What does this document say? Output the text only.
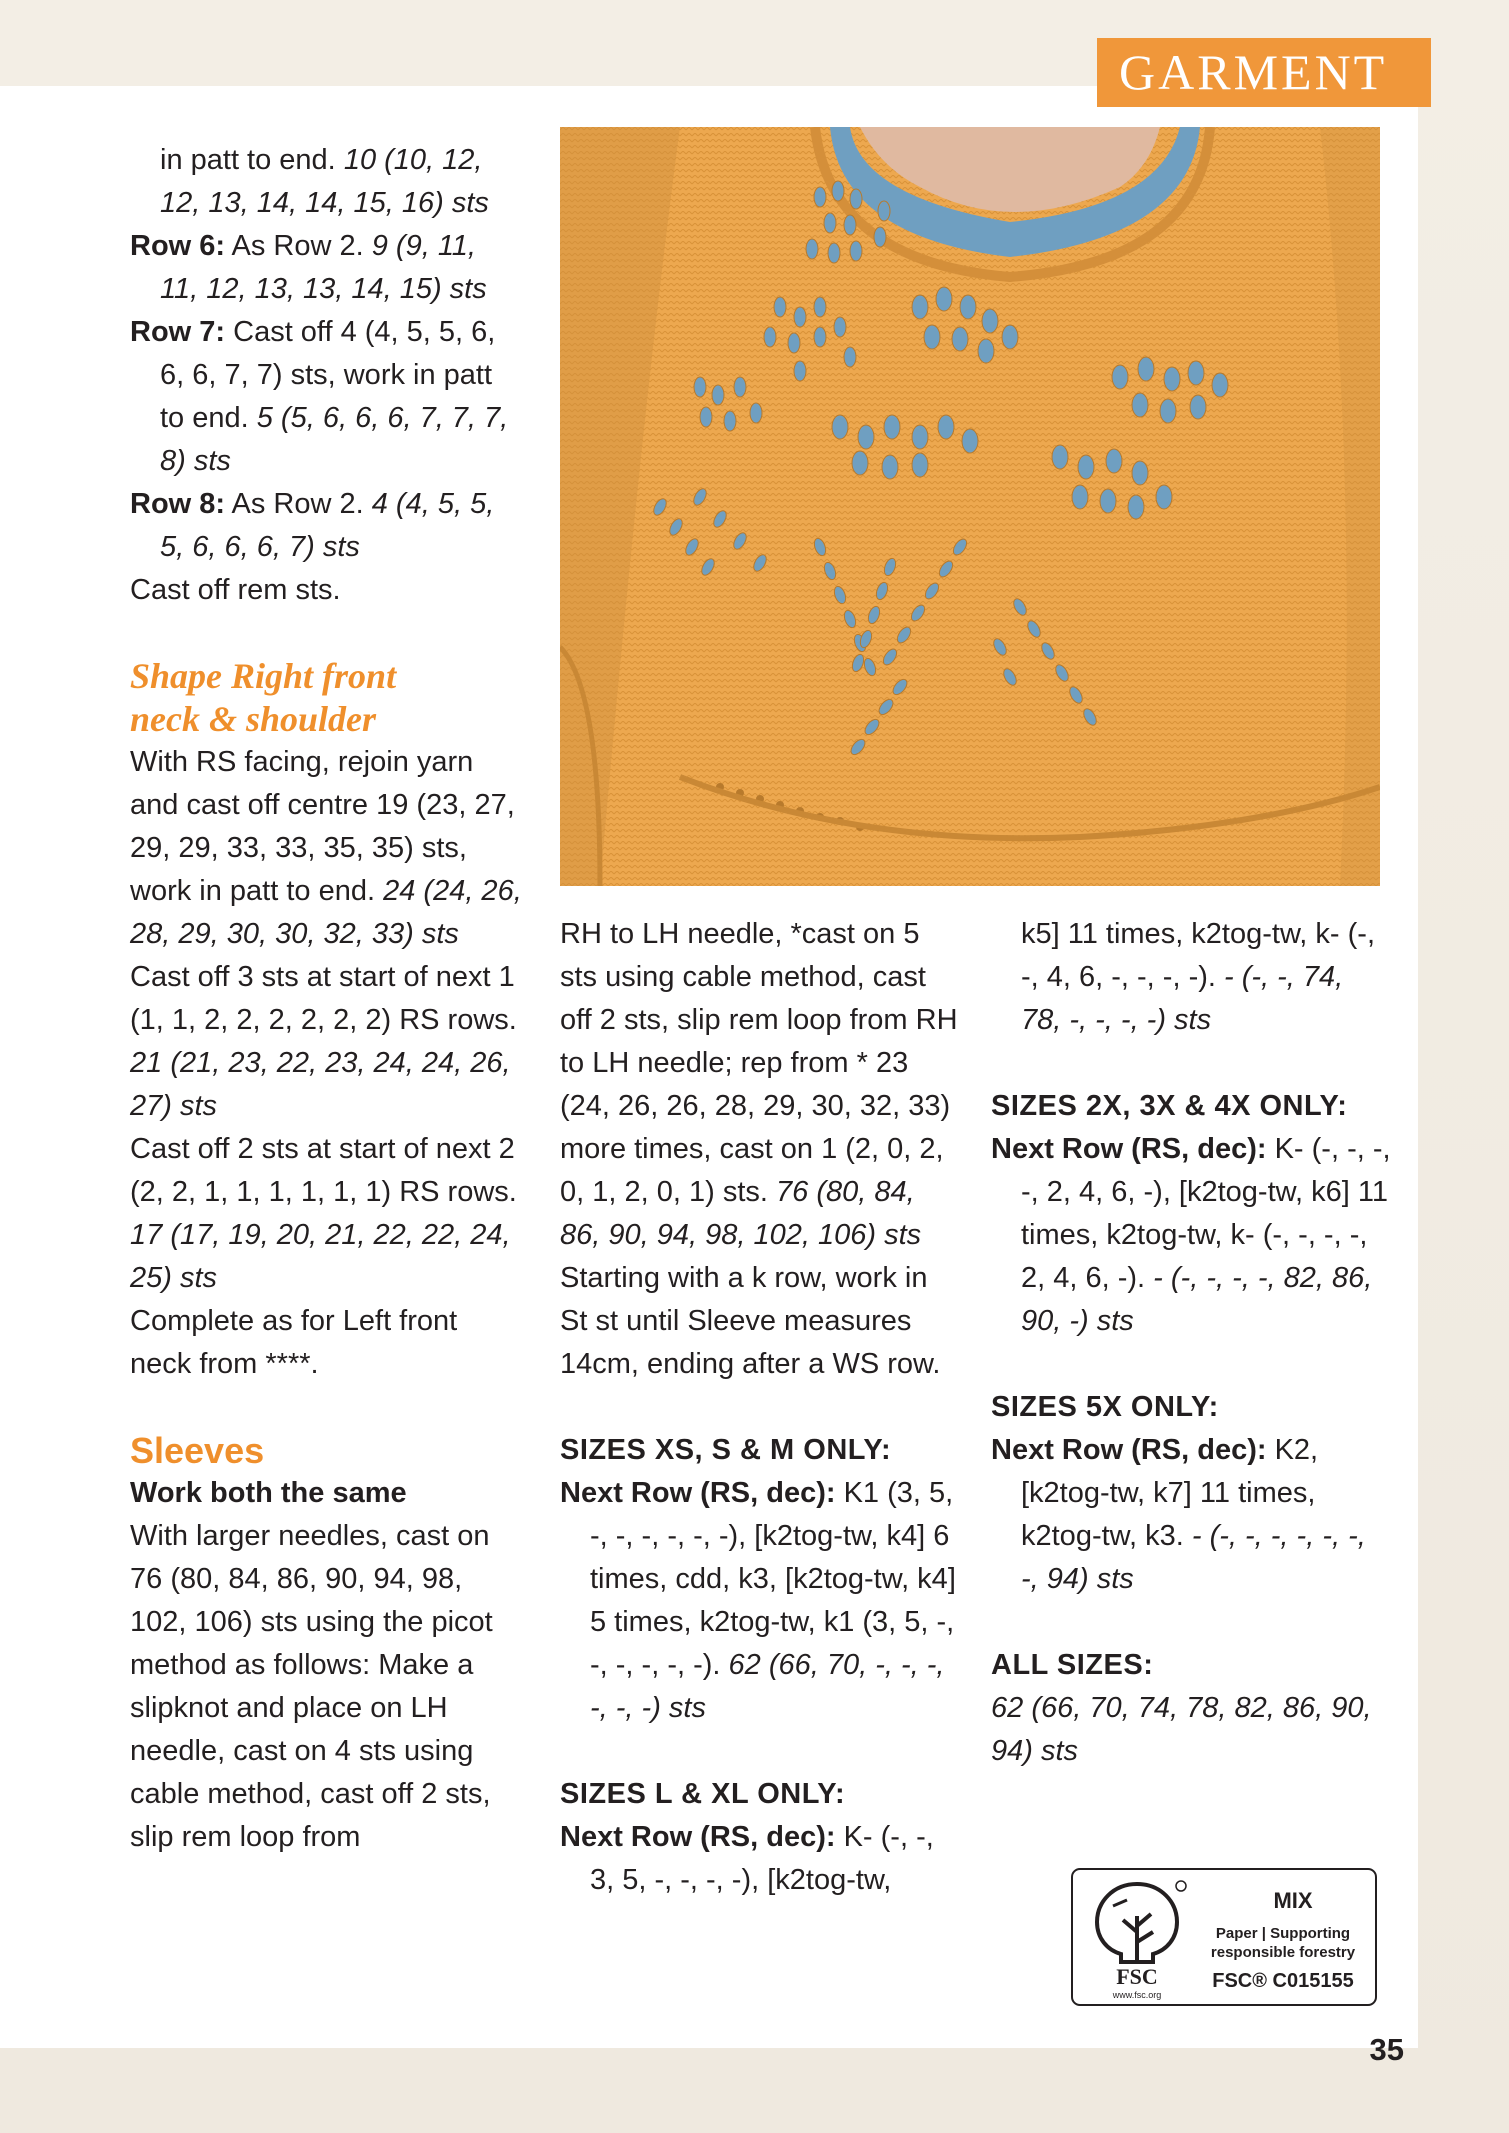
GARMENT

in patt to end. 10 (10, 12, 12, 13, 14, 14, 15, 16) sts

Row 6: As Row 2. 9 (9, 11, 11, 12, 13, 13, 14, 15) sts

Row 7: Cast off 4 (4, 5, 5, 6, 6, 6, 7, 7) sts, work in patt to end. 5 (5, 6, 6, 6, 7, 7, 7, 8) sts

Row 8: As Row 2. 4 (4, 5, 5, 5, 6, 6, 6, 7) sts

Cast off rem sts.

Shape Right front
neck & shoulder

With RS facing, rejoin yarn and cast off centre 19 (23, 27, 29, 29, 33, 33, 35, 35) sts, work in patt to end. 24 (24, 26, 28, 29, 30, 30, 32, 33) sts

Cast off 3 sts at start of next 1 (1, 1, 2, 2, 2, 2, 2, 2) RS rows. 21 (21, 23, 22, 23, 24, 24, 26, 27) sts

Cast off 2 sts at start of next 2 (2, 2, 1, 1, 1, 1, 1, 1) RS rows. 17 (17, 19, 20, 21, 22, 22, 24, 25) sts

Complete as for Left front neck from ****.

Sleeves

Work both the same

With larger needles, cast on 76 (80, 84, 86, 90, 94, 98, 102, 106) sts using the picot method as follows: Make a slipknot and place on LH needle, cast on 4 sts using cable method, cast off 2 sts, slip rem loop from

RH to LH needle, *cast on 5 sts using cable method, cast off 2 sts, slip rem loop from RH to LH needle; rep from * 23 (24, 26, 26, 28, 29, 30, 32, 33) more times, cast on 1 (2, 0, 2, 0, 1, 2, 0, 1) sts. 76 (80, 84, 86, 90, 94, 98, 102, 106) sts

Starting with a k row, work in St st until Sleeve measures 14cm, ending after a WS row.

SIZES XS, S & M ONLY:

Next Row (RS, dec): K1 (3, 5, -, -, -, -, -, -), [k2tog-tw, k4] 6 times, cdd, k3, [k2tog-tw, k4] 5 times, k2tog-tw, k1 (3, 5, -, -, -, -, -, -). 62 (66, 70, -, -, -, -, -, -) sts

SIZES L & XL ONLY:

Next Row (RS, dec): K- (-, -, 3, 5, -, -, -, -), [k2tog-tw,

k5] 11 times, k2tog-tw, k- (-, -, 4, 6, -, -, -, -). - (-, -, 74, 78, -, -, -, -) sts

SIZES 2X, 3X & 4X ONLY:

Next Row (RS, dec): K- (-, -, -, -, 2, 4, 6, -), [k2tog-tw, k6] 11 times, k2tog-tw, k- (-, -, -, -, 2, 4, 6, -). - (-, -, -, -, 82, 86, 90, -) sts

SIZES 5X ONLY:

Next Row (RS, dec): K2, [k2tog-tw, k7] 11 times, k2tog-tw, k3. - (-, -, -, -, -, -, -, 94) sts

ALL SIZES:

62 (66, 70, 74, 78, 82, 86, 90, 94) sts

FSC
www.fsc.org
MIX
Paper | Supporting
responsible forestry
FSC® C015155
35
